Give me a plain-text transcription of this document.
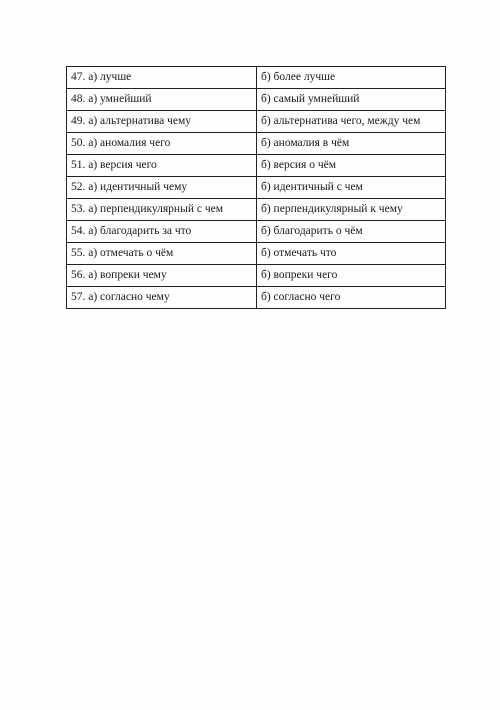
47. а) лучше	б) более лучше
48. а) умнейший	б) самый умнейший
49. а) альтернатива чему	б) альтернатива чего, между чем
50. а) аномалия чего	б) аномалия в чём
51. а) версия чего	б) версия о чём
52. а) идентичный чему	б) идентичный с чем
53. а) перпендикулярный с чем	б) перпендикулярный к чему
54. а) благодарить за что	б) благодарить о чём
55. а) отмечать о чём	б) отмечать что
56. а) вопреки чему	б) вопреки чего
57. а) согласно чему	б) согласно чего
